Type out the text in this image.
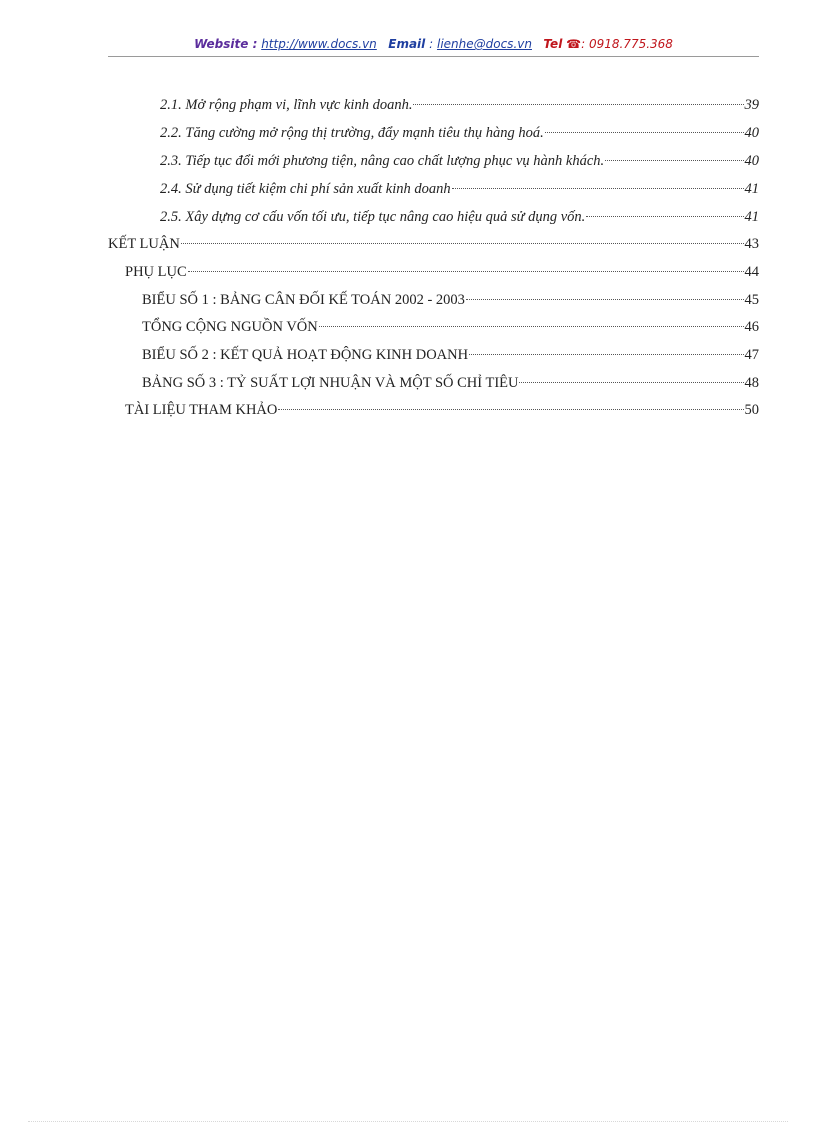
Website : http://www.docs.vn Email : lienhe@docs.vn Tel ☎: 0918.775.368
2.1. Mở rộng phạm vi, lĩnh vực kinh doanh.	39
2.2. Tăng cường mở rộng thị trường, đẩy mạnh tiêu thụ hàng hoá.	40
2.3. Tiếp tục đổi mới phương tiện, nâng cao chất lượng phục vụ hành khách.	40
2.4. Sử dụng tiết kiệm chi phí sản xuất kinh doanh	41
2.5. Xây dựng cơ cấu vốn tối ưu, tiếp tục nâng cao hiệu quả sử dụng vốn.	41
KẾT LUẬN	43
PHỤ LỤC	44
BIỂU SỐ 1 : BẢNG CÂN ĐỐI KẾ TOÁN 2002 - 2003	45
TỔNG CỘNG NGUỒN VỐN	46
BIỂU SỐ 2 : KẾT QUẢ HOẠT ĐỘNG KINH DOANH	47
BẢNG SỐ 3 : TỶ SUẤT LỢI NHUẬN VÀ MỘT SỐ CHỈ TIÊU	48
TÀI LIỆU THAM KHẢO	50
